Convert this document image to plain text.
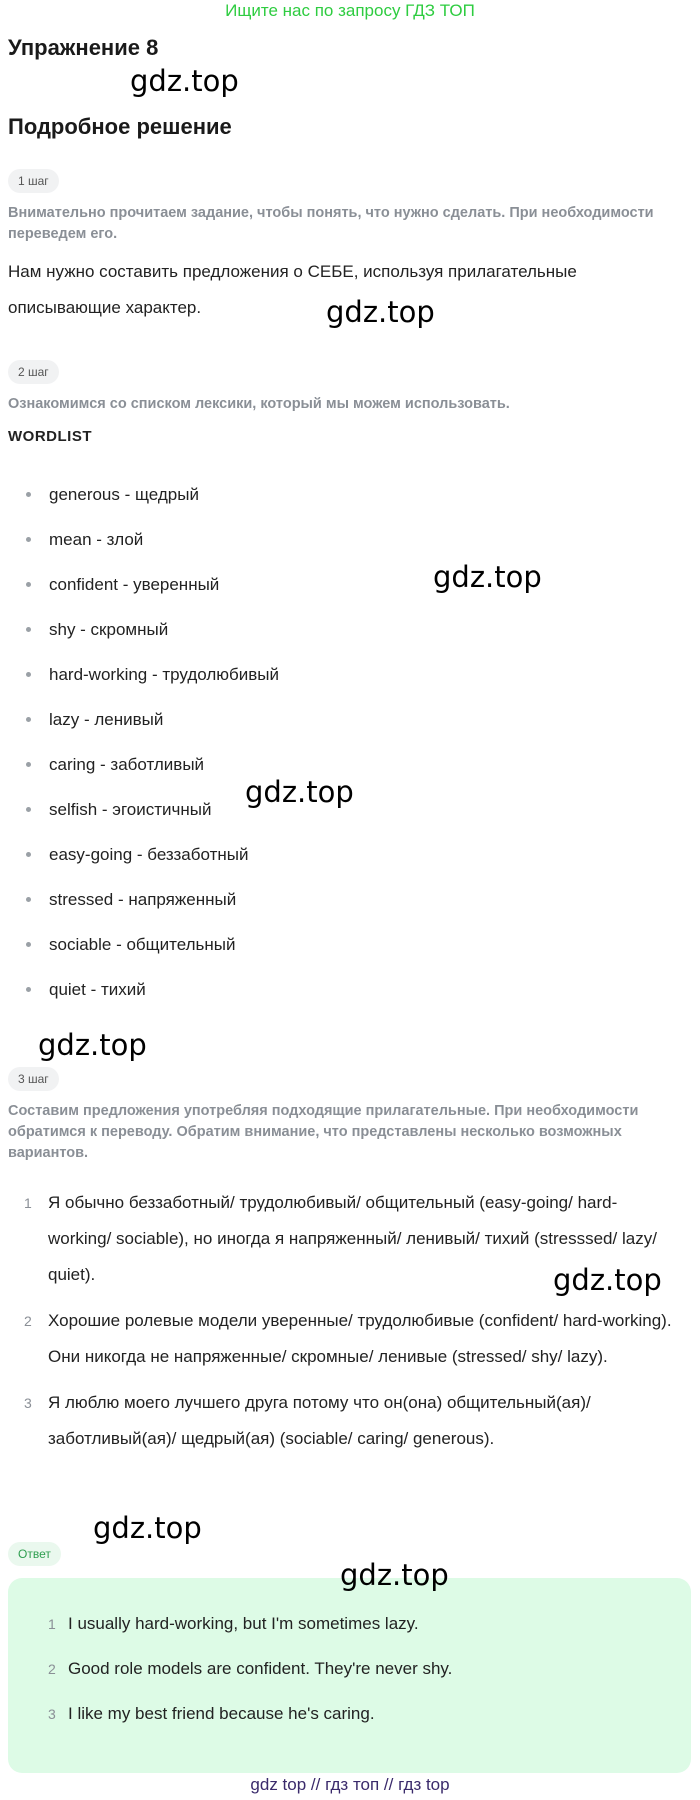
Ищите нас по запросу ГДЗ ТОП
Упражнение 8
gdz.top
Подробное решение
1 шаг
Внимательно прочитаем задание, чтобы понять, что нужно сделать. При необходимости переведем его.
Нам нужно составить предложения о СЕБЕ, используя прилагательные описывающие характер.	gdz.top
2 шаг
Ознакомимся со списком лексики, который мы можем использовать.
WORDLIST
generous - щедрый
mean - злой
confident - уверенный
shy - скромный
hard-working - трудолюбивый
lazy - ленивый
caring - заботливый
selfish - эгоистичный
easy-going - беззаботный
stressed - напряженный
sociable - общительный
quiet - тихий
gdz.top
gdz.top
gdz.top
3 шаг
Составим предложения употребляя подходящие прилагательные. При необходимости обратимся к переводу. Обратим внимание, что представлены несколько возможных вариантов.
1 Я обычно беззаботный/ трудолюбивый/ общительный (easy-going/ hard-working/ sociable), но иногда я напряженный/ ленивый/ тихий (stresssed/ lazy/ quiet).
2 Хорошие ролевые модели уверенные/ трудолюбивые (confident/ hard-working). Они никогда не напряженные/ скромные/ ленивые (stressed/ shy/ lazy).
3 Я люблю моего лучшего друга потому что он(она) общительный(ая)/ заботливый(ая)/ щедрый(ая) (sociable/ caring/ generous).
gdz.top
gdz.top
Ответ
1 I usually hard-working, but I'm sometimes lazy.
2 Good role models are confident. They're never shy.
3 I like my best friend because he's caring.
gdz.top
gdz top // гдз топ // гдз top
